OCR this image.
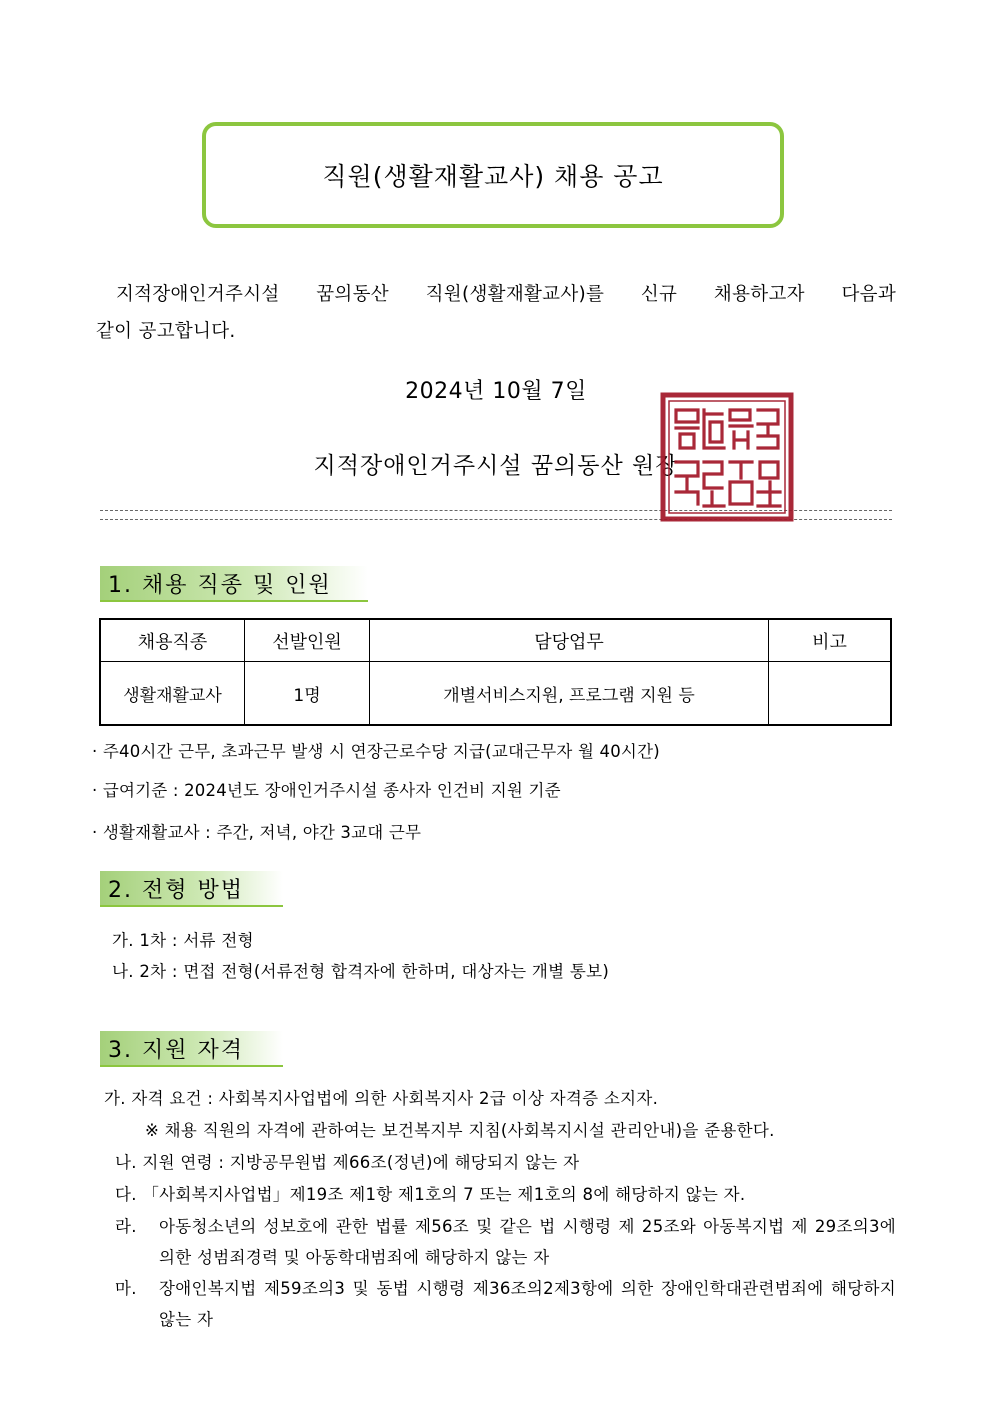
직원(생활재활교사) 채용 공고
지적장애인거주시설 꿈의동산 직원(생활재활교사)를 신규 채용하고자 다음과
같이 공고합니다.
2024년 10월 7일
지적장애인거주시설 꿈의동산 원장
1. 채용 직종 및 인원
채용직종	선발인원	담당업무	비고
생활재활교사	1명	개별서비스지원, 프로그램 지원 등	
· 주40시간 근무, 초과근무 발생 시 연장근로수당 지급(교대근무자 월 40시간)
· 급여기준 : 2024년도 장애인거주시설 종사자 인건비 지원 기준
· 생활재활교사 : 주간, 저녁, 야간 3교대 근무
2. 전형 방법
가. 1차 : 서류 전형
나. 2차 : 면접 전형(서류전형 합격자에 한하며, 대상자는 개별 통보)
3. 지원 자격
가. 자격 요건 : 사회복지사업법에 의한 사회복지사 2급 이상 자격증 소지자.
※ 채용 직원의 자격에 관하여는 보건복지부 지침(사회복지시설 관리안내)을 준용한다.
나. 지원 연령 : 지방공무원법 제66조(정년)에 해당되지 않는 자
다. 「사회복지사업법」제19조 제1항 제1호의 7 또는 제1호의 8에 해당하지 않는 자.
라.	아동청소년의 성보호에 관한 법률 제56조 및 같은 법 시행령 제 25조와 아동복지법 제 29조의3에 의한 성범죄경력 및 아동학대범죄에 해당하지 않는 자
마.	장애인복지법 제59조의3 및 동법 시행령 제36조의2제3항에 의한 장애인학대관련범죄에 해당하지 않는 자
